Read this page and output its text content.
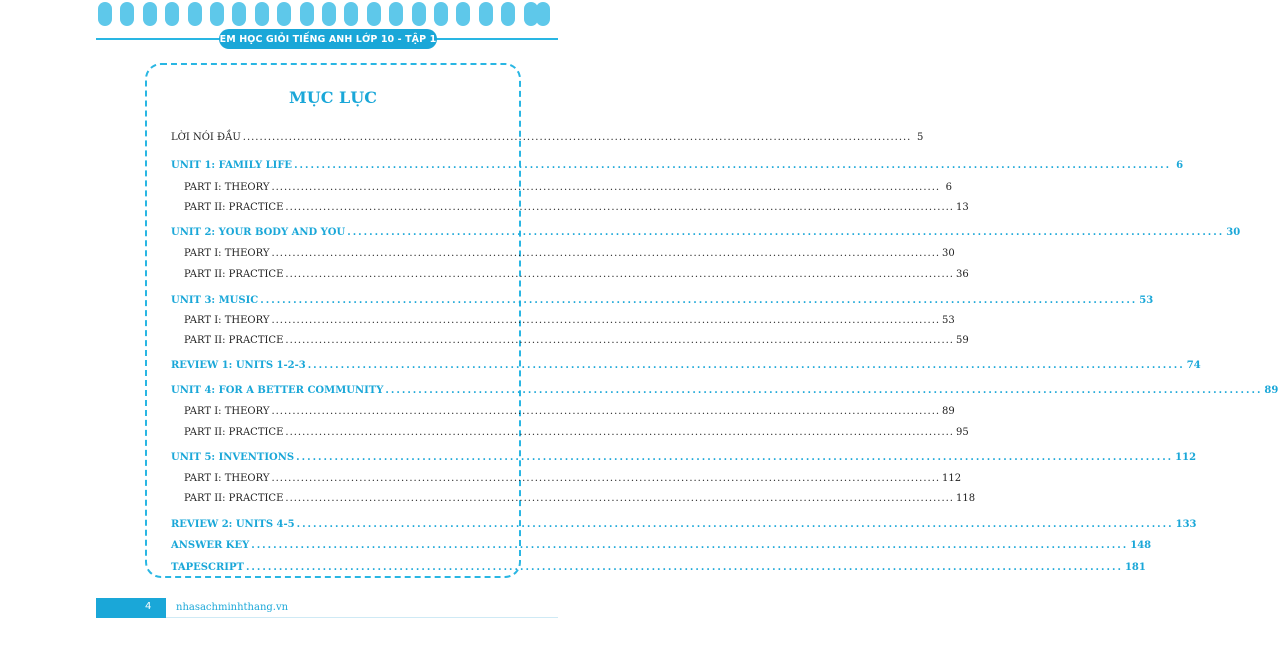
EM HỌC GIỎI TIẾNG ANH LỚP 10 - TẬP 1
MỤC LỤC
LỜI NÓI ĐẦU ................................................................................................................................................................ 5
UNIT 1: FAMILY LIFE ................................................................................................................................................................ 6
PART I: THEORY ................................................................................................................................................................ 6
PART II: PRACTICE ................................................................................................................................................................ 13
UNIT 2: YOUR BODY AND YOU ................................................................................................................................................................ 30
PART I: THEORY ................................................................................................................................................................ 30
PART II: PRACTICE ................................................................................................................................................................ 36
UNIT 3: MUSIC ................................................................................................................................................................ 53
PART I: THEORY ................................................................................................................................................................ 53
PART II: PRACTICE ................................................................................................................................................................ 59
REVIEW 1: UNITS 1-2-3 ................................................................................................................................................................ 74
UNIT 4: FOR A BETTER COMMUNITY ................................................................................................................................................................ 89
PART I: THEORY ................................................................................................................................................................ 89
PART II: PRACTICE ................................................................................................................................................................ 95
UNIT 5: INVENTIONS ................................................................................................................................................................ 112
PART I: THEORY ................................................................................................................................................................ 112
PART II: PRACTICE ................................................................................................................................................................ 118
REVIEW 2: UNITS 4-5 ................................................................................................................................................................ 133
ANSWER KEY ................................................................................................................................................................ 148
TAPESCRIPT ................................................................................................................................................................ 181
4 nhasachminhthang.vn
